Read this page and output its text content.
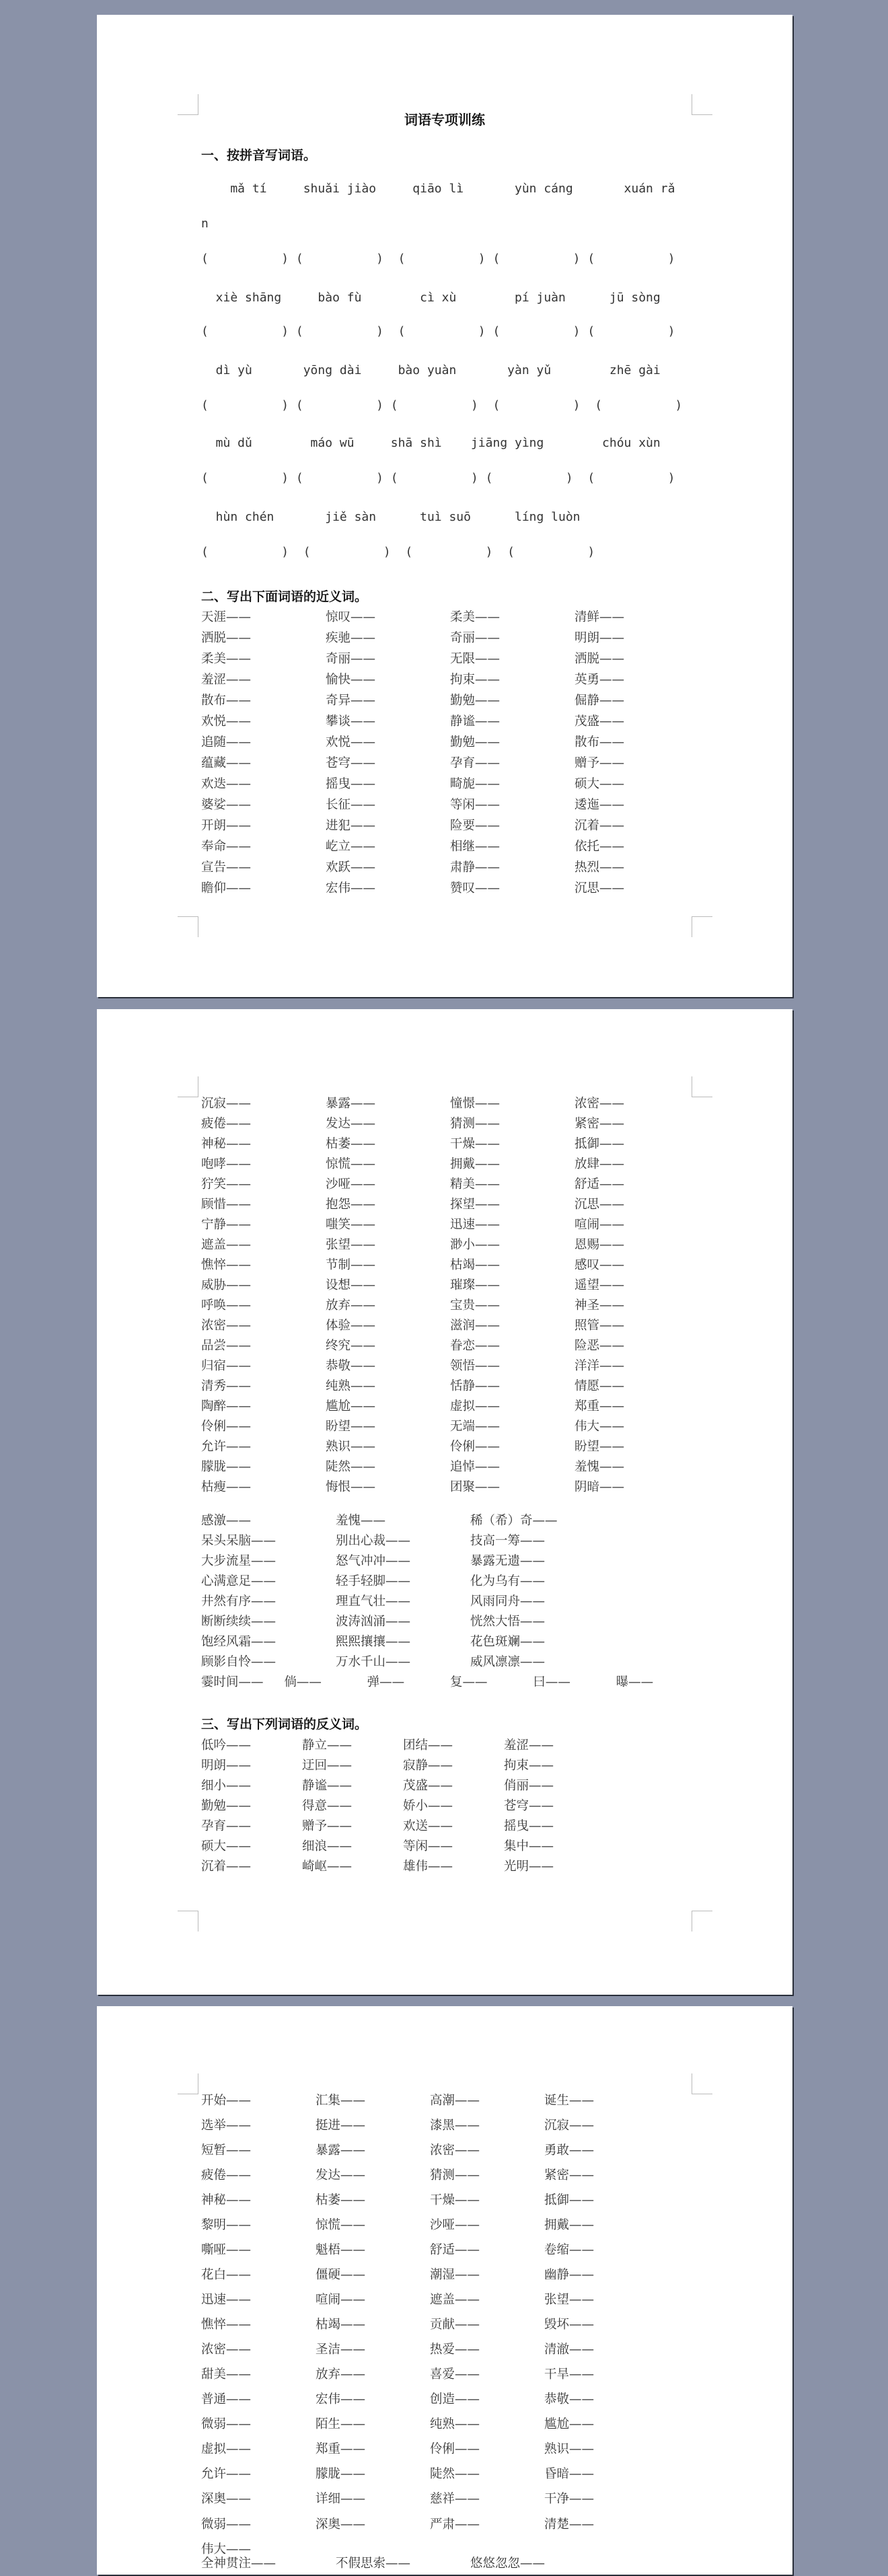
词语专项训练
一、按拼音写词语。
mǎ tí     shuǎi jiào     qiāo lì       yùn cáng       xuán rǎ
n
(          ) (          )  (          ) (          ) (          )
xiè shāng     bào fù        cì xù        pí juàn      jū sòng
(          ) (          )  (          ) (          ) (          )
dì yù       yōng dài     bào yuàn       yàn yǔ        zhē gài
(          ) (          ) (          )  (          )  (          )
mù dǔ        máo wū     shā shì    jiāng yìng        chóu xùn
(          ) (          ) (          ) (          )  (          )
hùn chén       jiě sàn      tuì suō      líng luòn
(          )  (          )  (          )  (          )
二、写出下面词语的近义词。
天涯——	惊叹——	柔美——	清鲜——
洒脱——	疾驰——	奇丽——	明朗——
柔美——	奇丽——	无限——	洒脱——
羞涩——	愉快——	拘束——	英勇——
散布——	奇异——	勤勉——	倔静——
欢悦——	攀谈——	静谧——	茂盛——
追随——	欢悦——	勤勉——	散布——
蕴藏——	苍穹——	孕育——	赠予——
欢迭——	摇曳——	畸旎——	硕大——
婆娑——	长征——	等闲——	逶迤——
开朗——	进犯——	险要——	沉着——
奉命——	屹立——	相继——	依托——
宣告——	欢跃——	肃静——	热烈——
瞻仰——	宏伟——	赞叹——	沉思——
沉寂——	暴露——	憧憬——	浓密——
疲倦——	发达——	猜测——	紧密——
神秘——	枯萎——	干燥——	抵御——
咆哮——	惊慌——	拥戴——	放肆——
狞笑——	沙哑——	精美——	舒适——
顾惜——	抱怨——	探望——	沉思——
宁静——	嗤笑——	迅速——	喧闹——
遮盖——	张望——	渺小——	恩赐——
憔悴——	节制——	枯竭——	感叹——
威胁——	设想——	璀璨——	遥望——
呼唤——	放弃——	宝贵——	神圣——
浓密——	体验——	滋润——	照管——
品尝——	终究——	眷恋——	险恶——
归宿——	恭敬——	领悟——	洋洋——
清秀——	纯熟——	恬静——	情愿——
陶醉——	尴尬——	虚拟——	郑重——
伶俐——	盼望——	无端——	伟大——
允许——	熟识——	伶俐——	盼望——
朦胧——	陡然——	追悼——	羞愧——
枯瘦——	悔恨——	团聚——	阴暗——
感激——	羞愧——	稀（希）奇——
呆头呆脑——	别出心裁——	技高一筹——
大步流星——	怒气冲冲——	暴露无遗——
心满意足——	轻手轻脚——	化为乌有——
井然有序——	理直气壮——	风雨同舟——
断断续续——	波涛汹涌——	恍然大悟——
饱经风霜——	熙熙攘攘——	花色斑斓——
顾影自怜——	万水千山——	威风凛凛——
霎时间——	倘——	弹——	复——	曰——	曝——
三、写出下列词语的反义词。
低吟——	静立——	团结——	羞涩——
明朗——	迂回——	寂静——	拘束——
细小——	静谧——	茂盛——	俏丽——
勤勉——	得意——	娇小——	苍穹——
孕育——	赠予——	欢送——	摇曳——
硕大——	细浪——	等闲——	集中——
沉着——	崎岖——	雄伟——	光明——
开始——	汇集——	高潮——	诞生——
选举——	挺进——	漆黑——	沉寂——
短暂——	暴露——	浓密——	勇敢——
疲倦——	发达——	猜测——	紧密——
神秘——	枯萎——	干燥——	抵御——
黎明——	惊慌——	沙哑——	拥戴——
嘶哑——	魁梧——	舒适——	卷缩——
花白——	僵硬——	潮湿——	幽静——
迅速——	喧闹——	遮盖——	张望——
憔悴——	枯竭——	贡献——	毁坏——
浓密——	圣洁——	热爱——	清澈——
甜美——	放弃——	喜爱——	干旱——
普通——	宏伟——	创造——	恭敬——
微弱——	陌生——	纯熟——	尴尬——
虚拟——	郑重——	伶俐——	熟识——
允许——	朦胧——	陡然——	昏暗——
深奥——	详细——	慈祥——	干净——
微弱——	深奥——	严肃——	清楚——
伟大——
全神贯注——	不假思索——	悠悠忽忽——
